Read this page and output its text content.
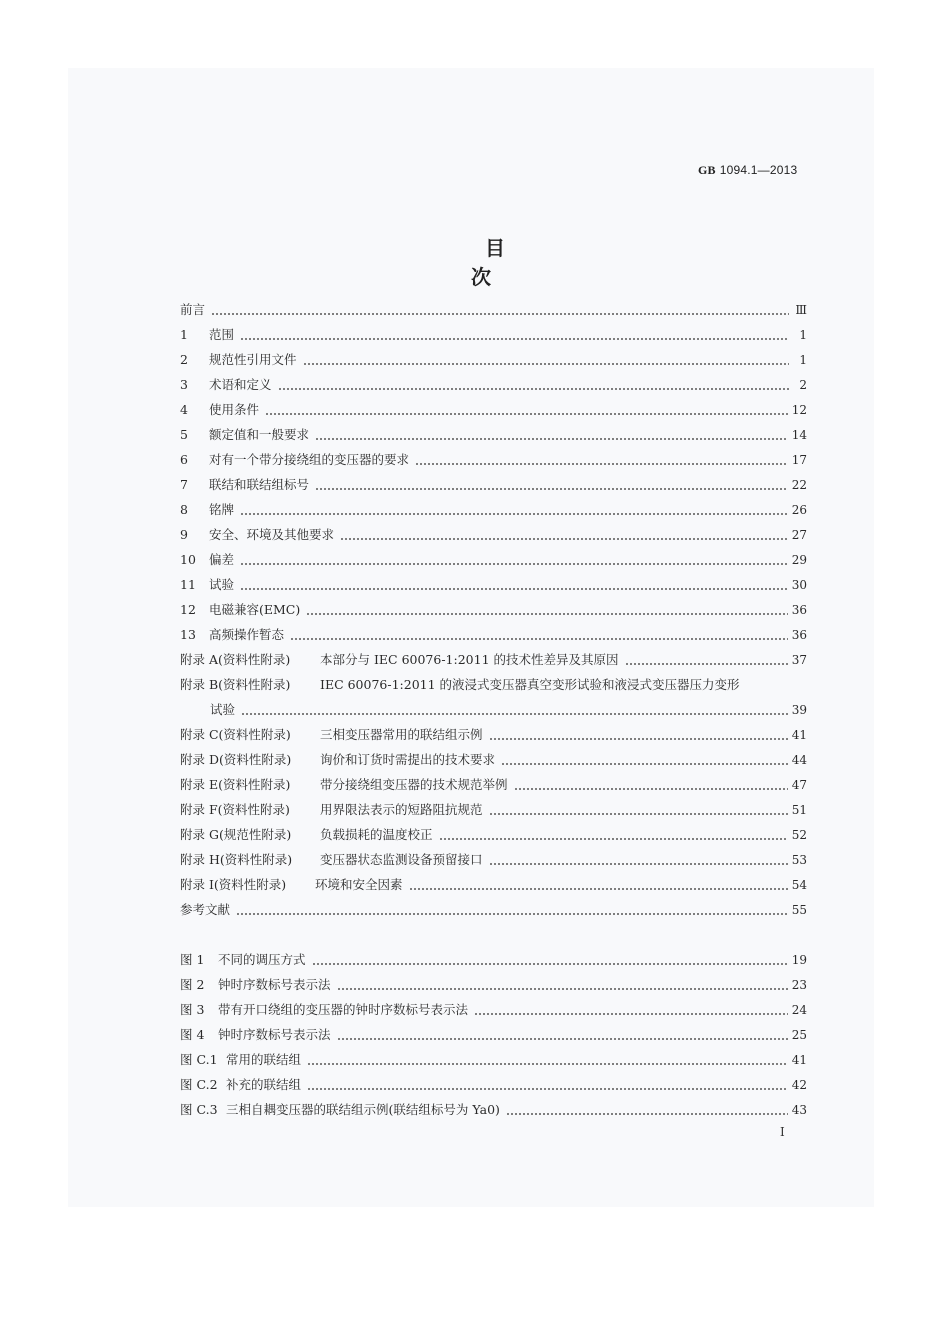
GB 1094.1—2013
目次
前言	Ⅲ
1	范围	1
2	规范性引用文件	1
3	术语和定义	2
4	使用条件	12
5	额定值和一般要求	14
6	对有一个带分接绕组的变压器的要求	17
7	联结和联结组标号	22
8	铭牌	26
9	安全、环境及其他要求	27
10	偏差	29
11	试验	30
12	电磁兼容(EMC)	36
13	高频操作暂态	36
附录 A(资料性附录)	本部分与 IEC 60076-1:2011 的技术性差异及其原因	37
附录 B(资料性附录)	IEC 60076-1:2011 的液浸式变压器真空变形试验和液浸式变压器压力变形
试验	39
附录 C(资料性附录)	三相变压器常用的联结组示例	41
附录 D(资料性附录)	询价和订货时需提出的技术要求	44
附录 E(资料性附录)	带分接绕组变压器的技术规范举例	47
附录 F(资料性附录)	用界限法表示的短路阻抗规范	51
附录 G(规范性附录)	负载损耗的温度校正	52
附录 H(资料性附录)	变压器状态监测设备预留接口	53
附录 I(资料性附录)	环境和安全因素	54
参考文献	55
图 1	不同的调压方式	19
图 2	钟时序数标号表示法	23
图 3	带有开口绕组的变压器的钟时序数标号表示法	24
图 4	钟时序数标号表示法	25
图 C.1 常用的联结组	41
图 C.2 补充的联结组	42
图 C.3 三相自耦变压器的联结组示例(联结组标号为 Ya0)	43
I
